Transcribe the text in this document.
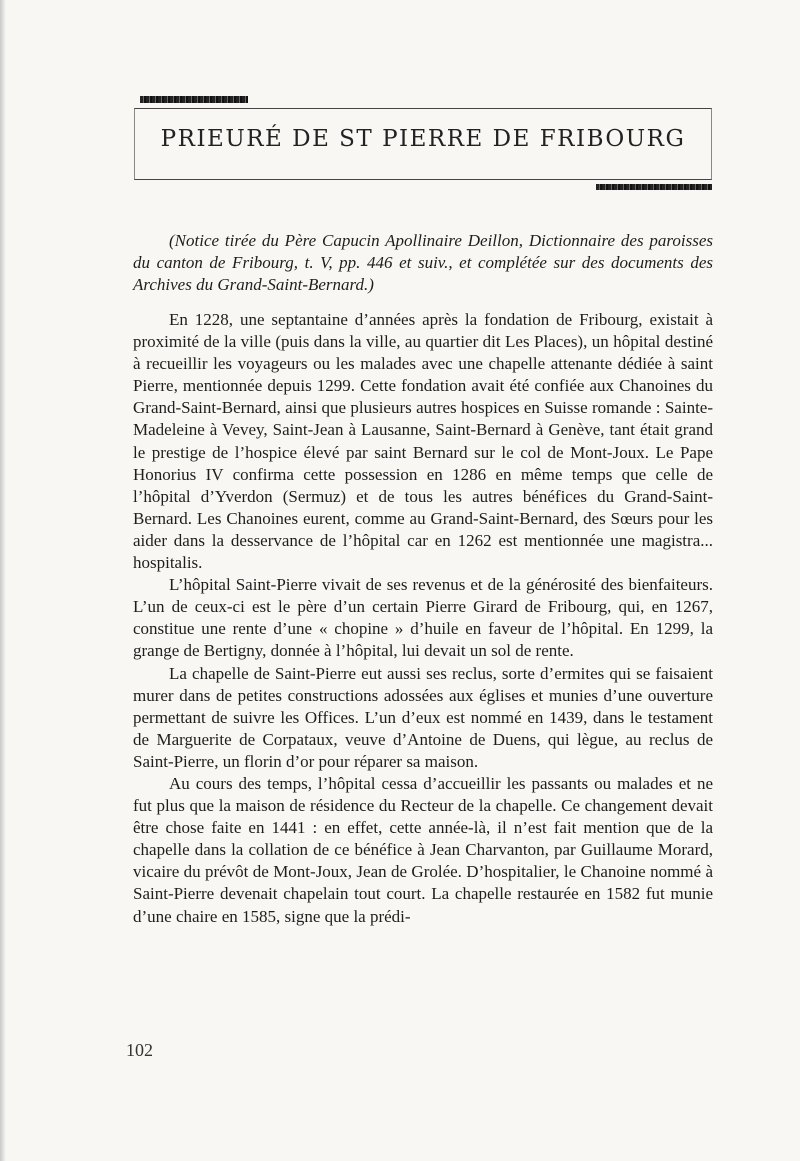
PRIEURÉ DE ST PIERRE DE FRIBOURG

(Notice tirée du Père Capucin Apollinaire Deillon, Dictionnaire des paroisses du canton de Fribourg, t. V, pp. 446 et suiv., et complétée sur des documents des Archives du Grand-Saint-Bernard.)

En 1228, une septantaine d’années après la fondation de Fribourg, existait à proximité de la ville (puis dans la ville, au quartier dit Les Places), un hôpital destiné à recueillir les voyageurs ou les malades avec une chapelle attenante dédiée à saint Pierre, mentionnée depuis 1299. Cette fondation avait été confiée aux Chanoines du Grand-Saint-Bernard, ainsi que plusieurs autres hospices en Suisse romande : Sainte-Madeleine à Vevey, Saint-Jean à Lausanne, Saint-Bernard à Genève, tant était grand le prestige de l’hospice élevé par saint Bernard sur le col de Mont-Joux. Le Pape Honorius IV confirma cette possession en 1286 en même temps que celle de l’hôpital d’Yverdon (Sermuz) et de tous les autres bénéfices du Grand-Saint-Bernard. Les Chanoines eurent, comme au Grand-Saint-Bernard, des Sœurs pour les aider dans la desservance de l’hôpital car en 1262 est mentionnée une magistra... hospitalis.

L’hôpital Saint-Pierre vivait de ses revenus et de la générosité des bienfaiteurs. L’un de ceux-ci est le père d’un certain Pierre Girard de Fribourg, qui, en 1267, constitue une rente d’une « chopine » d’huile en faveur de l’hôpital. En 1299, la grange de Bertigny, donnée à l’hôpital, lui devait un sol de rente.

La chapelle de Saint-Pierre eut aussi ses reclus, sorte d’ermites qui se faisaient murer dans de petites constructions adossées aux églises et munies d’une ouverture permettant de suivre les Offices. L’un d’eux est nommé en 1439, dans le testament de Marguerite de Corpataux, veuve d’Antoine de Duens, qui lègue, au reclus de Saint-Pierre, un florin d’or pour réparer sa maison.

Au cours des temps, l’hôpital cessa d’accueillir les passants ou malades et ne fut plus que la maison de résidence du Recteur de la chapelle. Ce changement devait être chose faite en 1441 : en effet, cette année-là, il n’est fait mention que de la chapelle dans la collation de ce bénéfice à Jean Charvanton, par Guillaume Morard, vicaire du prévôt de Mont-Joux, Jean de Grolée. D’hospitalier, le Chanoine nommé à Saint-Pierre devenait chapelain tout court. La chapelle restaurée en 1582 fut munie d’une chaire en 1585, signe que la prédi-

102
